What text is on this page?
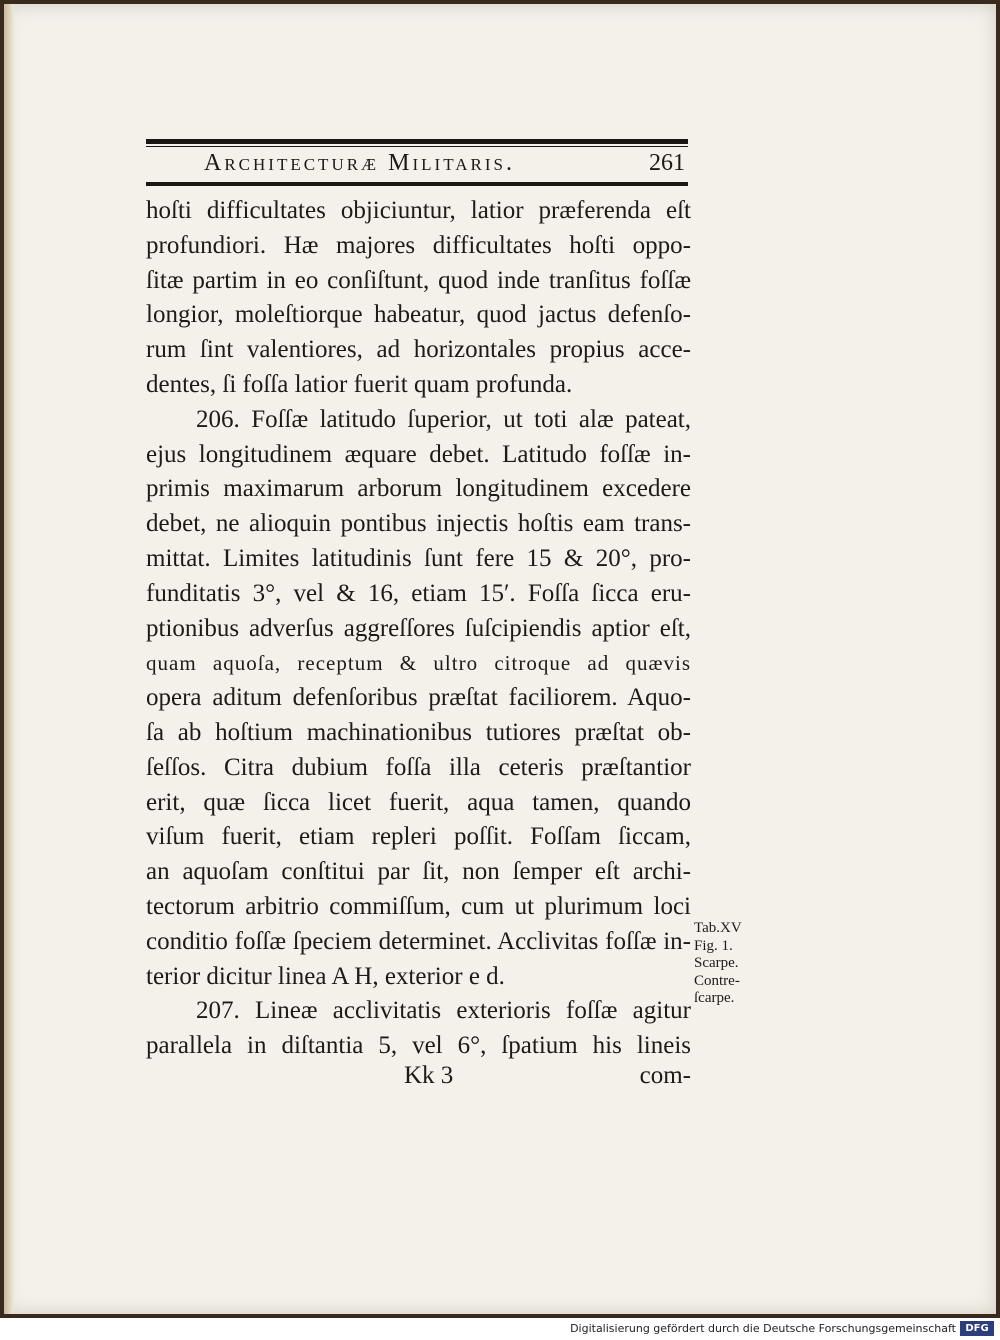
Architecturæ Militaris.	261
hoſti difficultates objiciuntur, latior præferenda eſt
profundiori. Hæ majores difficultates hoſti oppo-
ſitæ partim in eo conſiſtunt, quod inde tranſitus foſſæ
longior, moleſtiorque habeatur, quod jactus defenſo-
rum ſint valentiores, ad horizontales propius acce-
dentes, ſi foſſa latior fuerit quam profunda.
206. Foſſæ latitudo ſuperior, ut toti alæ pateat,
ejus longitudinem æquare debet. Latitudo foſſæ in-
primis maximarum arborum longitudinem excedere
debet, ne alioquin pontibus injectis hoſtis eam trans-
mittat. Limites latitudinis ſunt fere 15 & 20°, pro-
funditatis 3°, vel & 16, etiam 15′. Foſſa ſicca eru-
ptionibus adverſus aggreſſores ſuſcipiendis aptior eſt,
quam aquoſa, receptum & ultro citroque ad quævis
opera aditum defenſoribus præſtat faciliorem. Aquo-
ſa ab hoſtium machinationibus tutiores præſtat ob-
ſeſſos. Citra dubium foſſa illa ceteris præſtantior
erit, quæ ſicca licet fuerit, aqua tamen, quando
viſum fuerit, etiam repleri poſſit. Foſſam ſiccam,
an aquoſam conſtitui par ſit, non ſemper eſt archi-
tectorum arbitrio commiſſum, cum ut plurimum loci
conditio foſſæ ſpeciem determinet. Acclivitas foſſæ in-
terior dicitur linea A H, exterior e d.
207. Lineæ acclivitatis exterioris foſſæ agitur
parallela in diſtantia 5, vel 6°, ſpatium his lineis
Tab.XV
Fig. 1.
Scarpe.
Contre-
ſcarpe.
Kk 3	com-
Digitalisierung gefördert durch die Deutsche Forschungsgemeinschaft DFG
